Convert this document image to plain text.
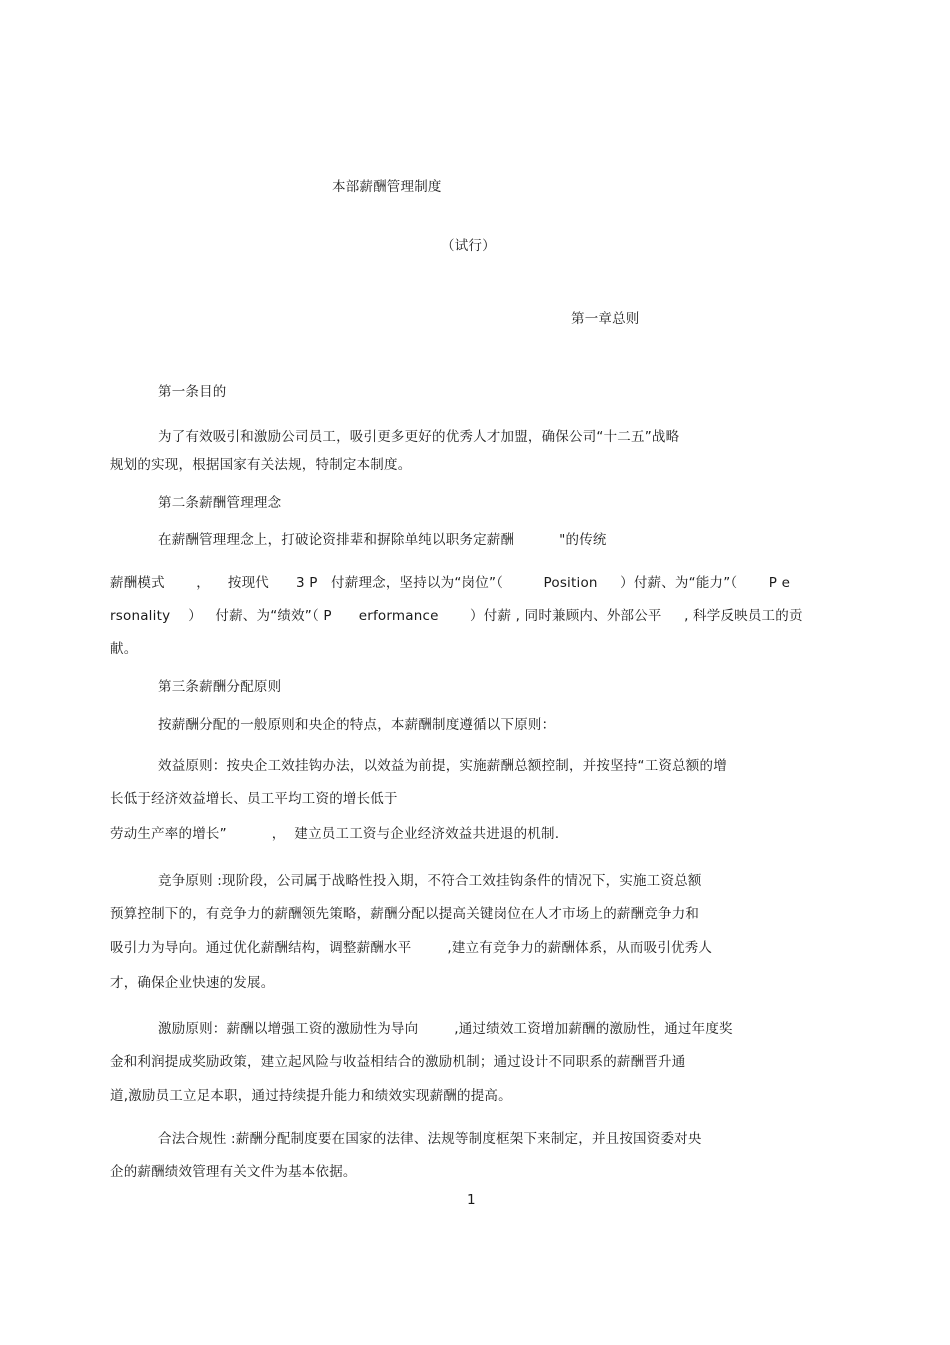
本部薪酬管理制度
（试行）
第一章总则
第一条目的
为了有效吸引和激励公司员工，吸引更多更好的优秀人才加盟，确保公司“十二五”战略
规划的实现，根据国家有关法规，特制定本制度。
第二条薪酬管理理念
在薪酬管理理念上，打破论资排辈和摒除单纯以职务定薪酬          "的传统
薪酬模式       ，    按现代      3 P   付薪理念，坚持以为“岗位”（         Position     ）付薪、为“能力”（       P e
rsonality    ）   付薪、为“绩效”（ P      erformance       ）付薪 , 同时兼顾内、外部公平     , 科学反映员工的贡
献。
第三条薪酬分配原则
按薪酬分配的一般原则和央企的特点，本薪酬制度遵循以下原则：
效益原则：按央企工效挂钩办法，以效益为前提，实施薪酬总额控制，并按坚持“工资总额的增
长低于经济效益增长、员工平均工资的增长低于
劳动生产率的增长”          ，  建立员工工资与企业经济效益共进退的机制.
竞争原则 :现阶段，公司属于战略性投入期，不符合工效挂钩条件的情况下，实施工资总额
预算控制下的，有竞争力的薪酬领先策略，薪酬分配以提高关键岗位在人才市场上的薪酬竞争力和
吸引力为导向。通过优化薪酬结构，调整薪酬水平        ,建立有竞争力的薪酬体系，从而吸引优秀人
才，确保企业快速的发展。
激励原则：薪酬以增强工资的激励性为导向        ,通过绩效工资增加薪酬的激励性，通过年度奖
金和利润提成奖励政策，建立起风险与收益相结合的激励机制；通过设计不同职系的薪酬晋升通
道,激励员工立足本职，通过持续提升能力和绩效实现薪酬的提高。
合法合规性 :薪酬分配制度要在国家的法律、法规等制度框架下来制定，并且按国资委对央
企的薪酬绩效管理有关文件为基本依据。
1
